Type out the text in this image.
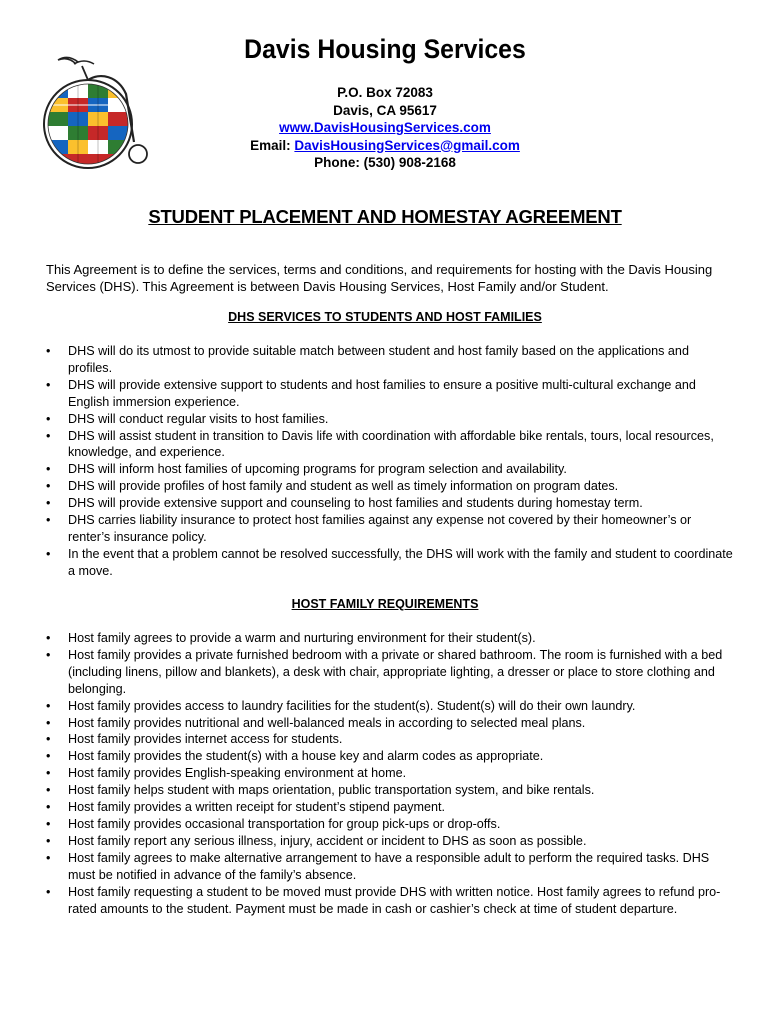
Davis Housing Services
P.O. Box 72083
Davis, CA 95617
www.DavisHousingServices.com
Email: DavisHousingServices@gmail.com
Phone: (530) 908-2168
STUDENT PLACEMENT AND HOMESTAY AGREEMENT
This Agreement is to define the services, terms and conditions, and requirements for hosting with the Davis Housing Services (DHS). This Agreement is between Davis Housing Services, Host Family and/or Student.
DHS SERVICES TO STUDENTS AND HOST FAMILIES
• DHS will do its utmost to provide suitable match between student and host family based on the applications and profiles.
• DHS will provide extensive support to students and host families to ensure a positive multi-cultural exchange and English immersion experience.
• DHS will conduct regular visits to host families.
• DHS will assist student in transition to Davis life with coordination with affordable bike rentals, tours, local resources, knowledge, and experience.
• DHS will inform host families of upcoming programs for program selection and availability.
• DHS will provide profiles of host family and student as well as timely information on program dates.
• DHS will provide extensive support and counseling to host families and students during homestay term.
• DHS carries liability insurance to protect host families against any expense not covered by their homeowner’s or renter’s insurance policy.
• In the event that a problem cannot be resolved successfully, the DHS will work with the family and student to coordinate a move.
HOST FAMILY REQUIREMENTS
• Host family agrees to provide a warm and nurturing environment for their student(s).
• Host family provides a private furnished bedroom with a private or shared bathroom. The room is furnished with a bed (including linens, pillow and blankets), a desk with chair, appropriate lighting, a dresser or place to store clothing and belonging.
• Host family provides access to laundry facilities for the student(s). Student(s) will do their own laundry.
• Host family provides nutritional and well-balanced meals in according to selected meal plans.
• Host family provides internet access for students.
• Host family provides the student(s) with a house key and alarm codes as appropriate.
• Host family provides English-speaking environment at home.
• Host family helps student with maps orientation, public transportation system, and bike rentals.
• Host family provides a written receipt for student’s stipend payment.
• Host family provides occasional transportation for group pick-ups or drop-offs.
• Host family report any serious illness, injury, accident or incident to DHS as soon as possible.
• Host family agrees to make alternative arrangement to have a responsible adult to perform the required tasks. DHS must be notified in advance of the family’s absence.
• Host family requesting a student to be moved must provide DHS with written notice. Host family agrees to refund pro-rated amounts to the student. Payment must be made in cash or cashier’s check at time of student departure.
